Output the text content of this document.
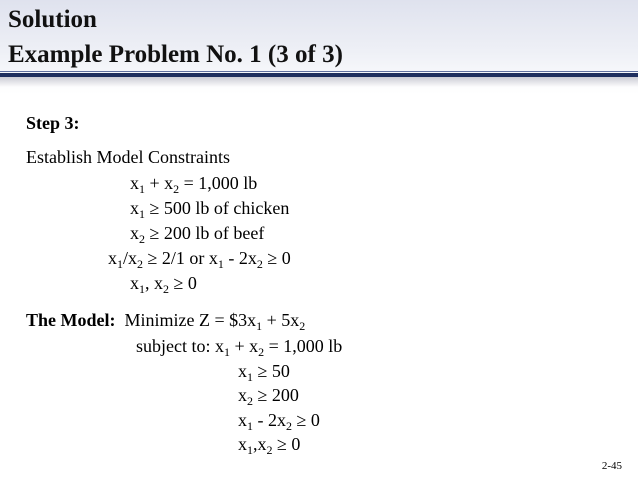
Solution
Example Problem No. 1 (3 of 3)
Step 3:
Establish Model Constraints
$x_1 + x_2 = 1,000$ lb
$x_1 \ge 500$ lb of chicken
$x_2 \ge 200$ lb of beef
$x_1/x_2 \ge 2/1$ or $x_1 - 2x_2 \ge 0$
$x_1$, $x_2 \ge 0$
The Model: Minimize $Z = \$3x_1 + 5x_2$
subject to: $x_1 + x_2 = 1,000$ lb
$x_1 \ge 50$
$x_2 \ge 200$
$x_1 - 2x_2 \ge 0$
$x_1,x_2 \ge 0$
2-45
